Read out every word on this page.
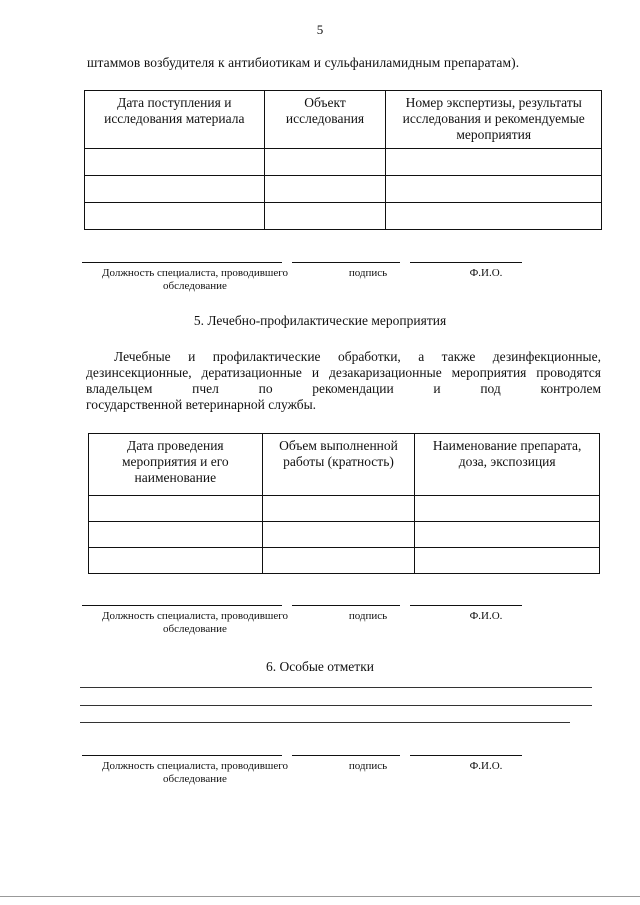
5
штаммов возбудителя к антибиотикам и сульфаниламидным препаратам).
Дата поступления и исследования материала	Объект исследования	Номер экспертизы, результаты исследования и рекомендуемые мероприятия

Должность специалиста, проводившего обследование
подпись	Ф.И.О.
5. Лечебно-профилактические мероприятия
Лечебные и профилактические обработки, а также дезинфекционные, дезинсекционные, дератизационные и дезакаризационные мероприятия проводятся владельцем пчел по рекомендации и под контролем
государственной ветеринарной службы.
Дата проведения мероприятия и его наименование	Объем выполненной работы (кратность)	Наименование препарата, доза, экспозиция

Должность специалиста, проводившего обследование
подпись	Ф.И.О.
6. Особые отметки
Должность специалиста, проводившего обследование
подпись	Ф.И.О.
